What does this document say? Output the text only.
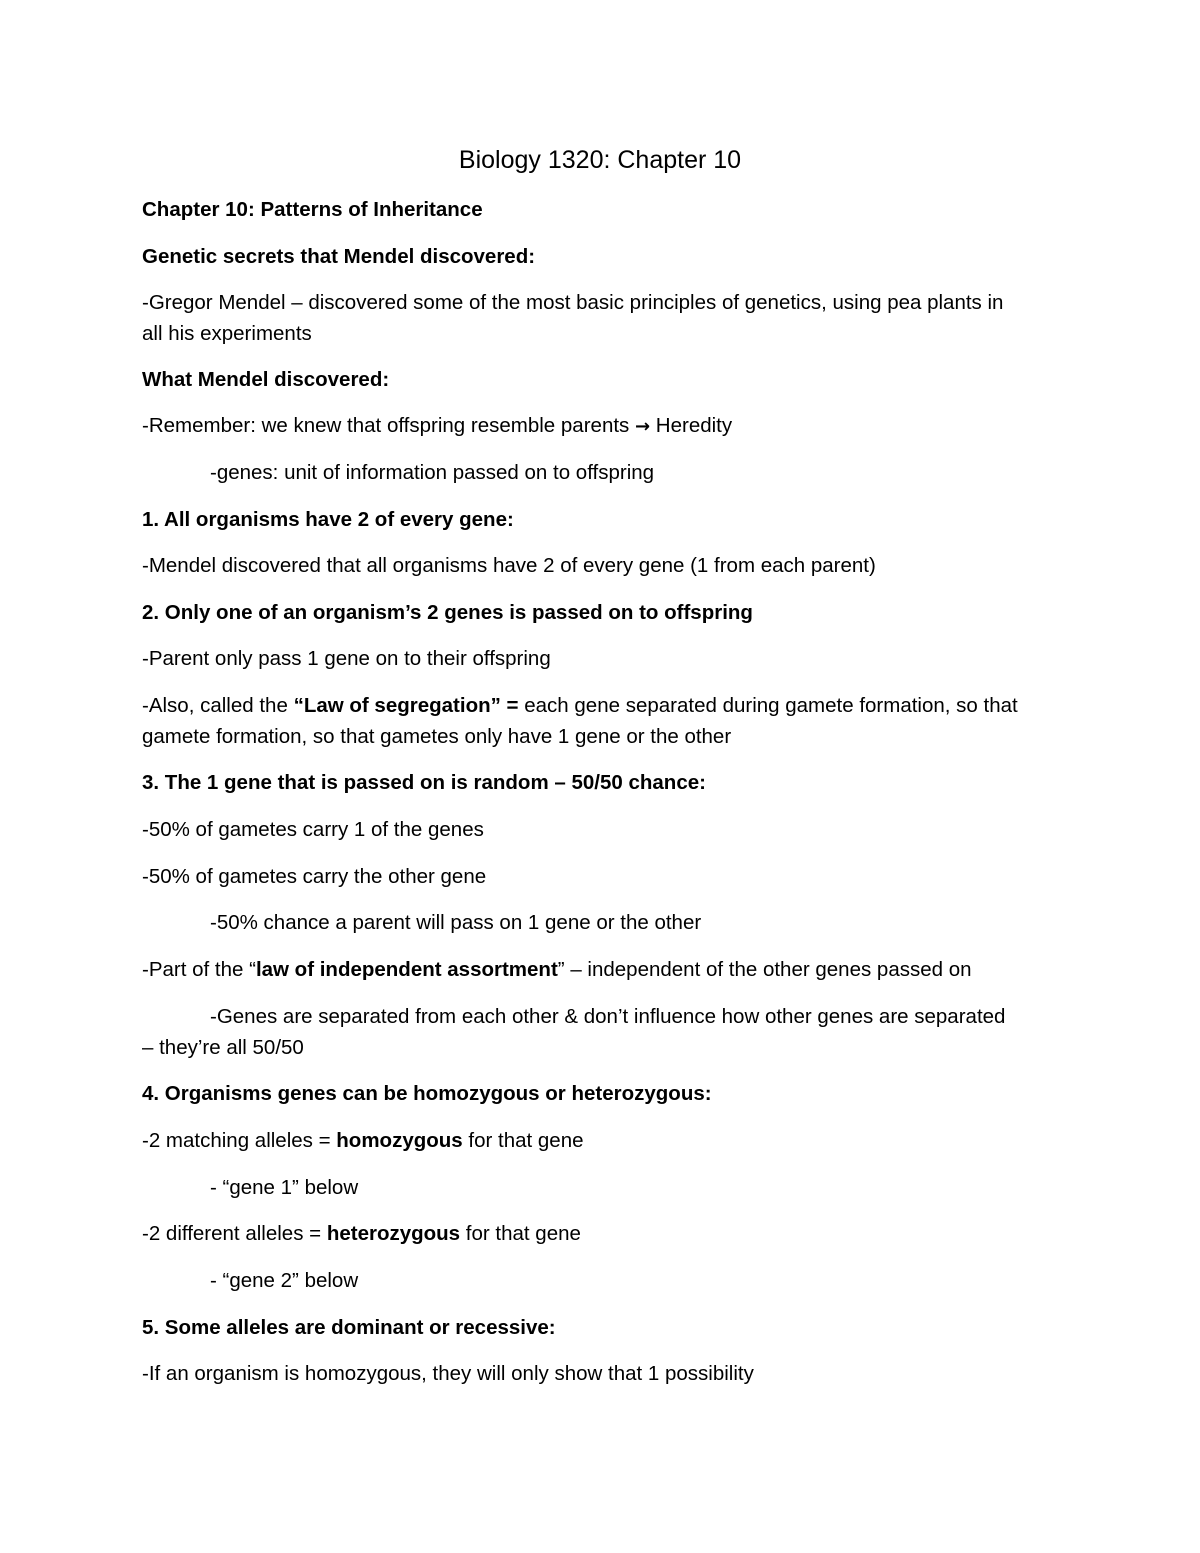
Biology 1320: Chapter 10
Chapter 10: Patterns of Inheritance
Genetic secrets that Mendel discovered:
-Gregor Mendel – discovered some of the most basic principles of genetics, using pea plants in
all his experiments
What Mendel discovered:
-Remember: we knew that offspring resemble parents → Heredity
-genes: unit of information passed on to offspring
1. All organisms have 2 of every gene:
-Mendel discovered that all organisms have 2 of every gene (1 from each parent)
2. Only one of an organism’s 2 genes is passed on to offspring
-Parent only pass 1 gene on to their offspring
-Also, called the “Law of segregation” = each gene separated during gamete formation, so that
gamete formation, so that gametes only have 1 gene or the other
3. The 1 gene that is passed on is random – 50/50 chance:
-50% of gametes carry 1 of the genes
-50% of gametes carry the other gene
-50% chance a parent will pass on 1 gene or the other
-Part of the “law of independent assortment” – independent of the other genes passed on
-Genes are separated from each other & don’t influence how other genes are separated
– they’re all 50/50
4. Organisms genes can be homozygous or heterozygous:
-2 matching alleles = homozygous for that gene
- “gene 1” below
-2 different alleles = heterozygous for that gene
- “gene 2” below
5. Some alleles are dominant or recessive:
-If an organism is homozygous, they will only show that 1 possibility
